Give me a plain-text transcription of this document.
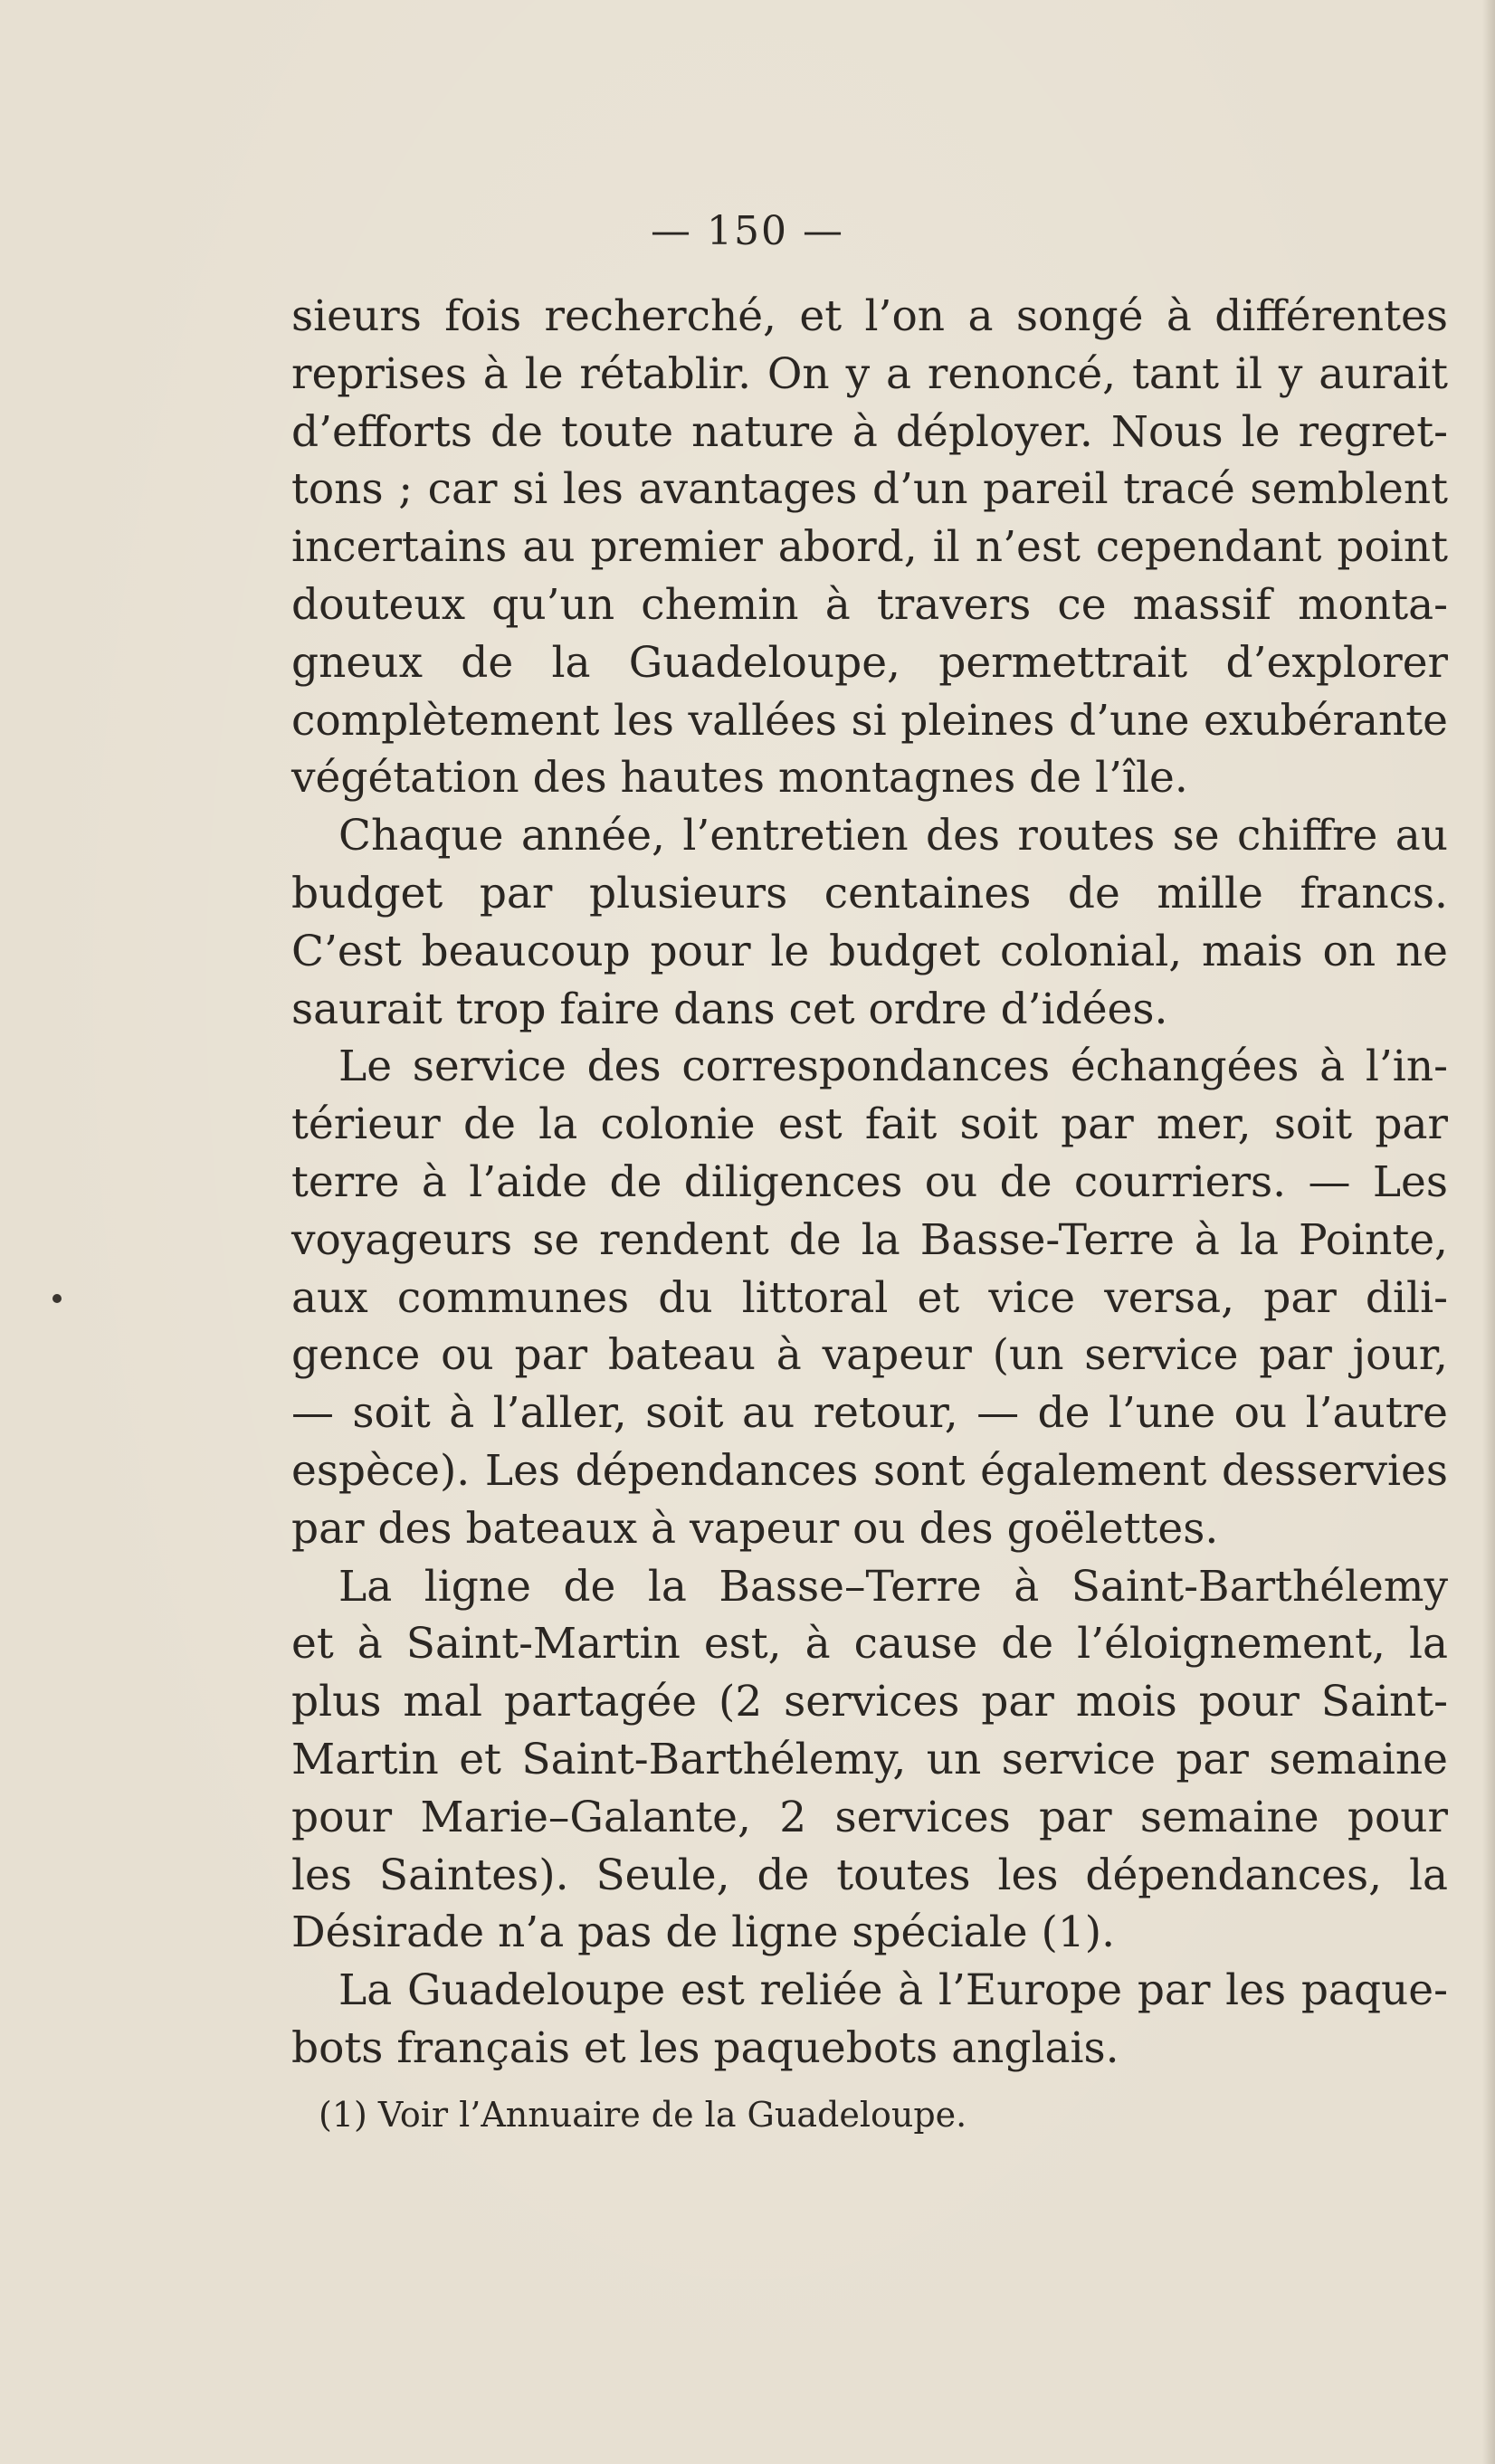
— 150 —
sieurs fois recherché, et l’on a songé à différentes
reprises à le rétablir. On y a renoncé, tant il y aurait
d’efforts de toute nature à déployer. Nous le regret-
tons ; car si les avantages d’un pareil tracé semblent
incertains au premier abord, il n’est cependant point
douteux qu’un chemin à travers ce massif monta-
gneux de la Guadeloupe, permettrait d’explorer
complètement les vallées si pleines d’une exubérante
végétation des hautes montagnes de l’île.
Chaque année, l’entretien des routes se chiffre au
budget par plusieurs centaines de mille francs.
C’est beaucoup pour le budget colonial, mais on ne
saurait trop faire dans cet ordre d’idées.
Le service des correspondances échangées à l’in-
térieur de la colonie est fait soit par mer, soit par
terre à l’aide de diligences ou de courriers. — Les
voyageurs se rendent de la Basse-Terre à la Pointe,
aux communes du littoral et vice versa, par dili-
gence ou par bateau à vapeur (un service par jour,
— soit à l’aller, soit au retour, — de l’une ou l’autre
espèce). Les dépendances sont également desservies
par des bateaux à vapeur ou des goëlettes.
La ligne de la Basse–Terre à Saint-Barthélemy
et à Saint-Martin est, à cause de l’éloignement, la
plus mal partagée (2 services par mois pour Saint-
Martin et Saint-Barthélemy, un service par semaine
pour Marie–Galante, 2 services par semaine pour
les Saintes). Seule, de toutes les dépendances, la
Désirade n’a pas de ligne spéciale (1).
La Guadeloupe est reliée à l’Europe par les paque-
bots français et les paquebots anglais.
(1) Voir l’Annuaire de la Guadeloupe.
